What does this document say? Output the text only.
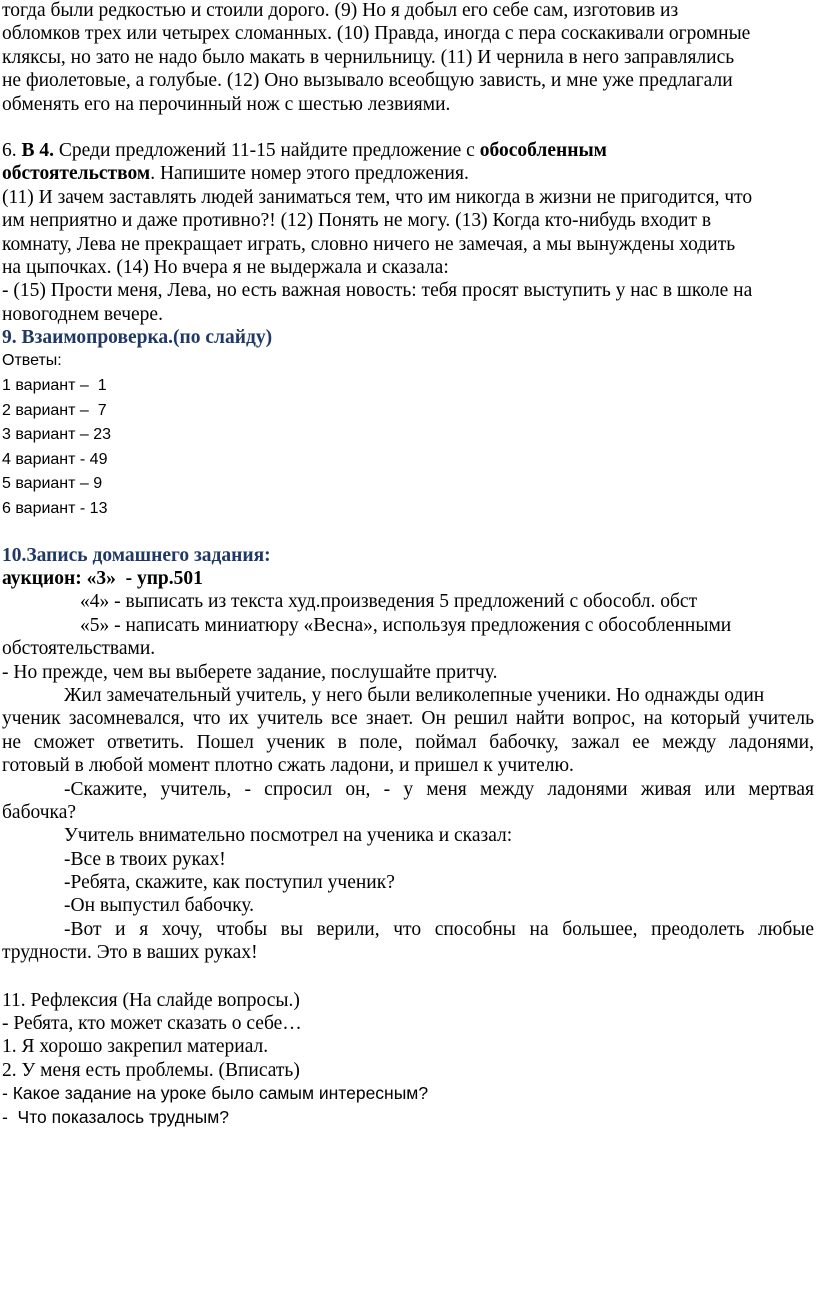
тогда были редкостью и стоили дорого. (9) Но я добыл его себе сам, изготовив из
обломков трех или четырех сломанных. (10) Правда, иногда с пера соскакивали огромные
кляксы, но зато не надо было макать в чернильницу. (11) И чернила в него заправлялись
не фиолетовые, а голубые. (12) Оно вызывало всеобщую зависть, и мне уже предлагали
обменять его на перочинный нож с шестью лезвиями.
6. В 4. Среди предложений 11-15 найдите предложение с обособленным
обстоятельством. Напишите номер этого предложения.
(11) И зачем заставлять людей заниматься тем, что им никогда в жизни не пригодится, что
им неприятно и даже противно?! (12) Понять не могу. (13) Когда кто-нибудь входит в
комнату, Лева не прекращает играть, словно ничего не замечая, а мы вынуждены ходить
на цыпочках. (14) Но вчера я не выдержала и сказала:
- (15) Прости меня, Лева, но есть важная новость: тебя просят выступить у нас в школе на
новогоднем вечере.
9. Взаимопроверка.(по слайду)
Ответы:
1 вариант –  1
2 вариант –  7
3 вариант – 23
4 вариант - 49
5 вариант – 9
6 вариант - 13
10.Запись домашнего задания:
аукцион: «3»  - упр.501
«4» - выписать из текста худ.произведения 5 предложений с обособл. обст
«5» - написать миниатюру «Весна», используя предложения с обособленными
обстоятельствами.
- Но прежде, чем вы выберете задание, послушайте притчу.
Жил замечательный учитель, у него были великолепные ученики. Но однажды один
ученик засомневался, что их учитель все знает. Он решил найти вопрос, на который учитель
не сможет ответить. Пошел ученик в поле, поймал бабочку, зажал ее между ладонями,
готовый в любой момент плотно сжать ладони, и пришел к учителю.
-Скажите, учитель, - спросил он, - у меня между ладонями живая или мертвая
бабочка?
Учитель внимательно посмотрел на ученика и сказал:
-Все в твоих руках!
-Ребята, скажите, как поступил ученик?
-Он выпустил бабочку.
-Вот и я хочу, чтобы вы верили, что способны на большее, преодолеть любые
трудности. Это в ваших руках!
11. Рефлексия (На слайде вопросы.)
- Ребята, кто может сказать о себе…
1. Я хорошо закрепил материал.
2. У меня есть проблемы. (Вписать)
- Какое задание на уроке было самым интересным?
-  Что показалось трудным?
